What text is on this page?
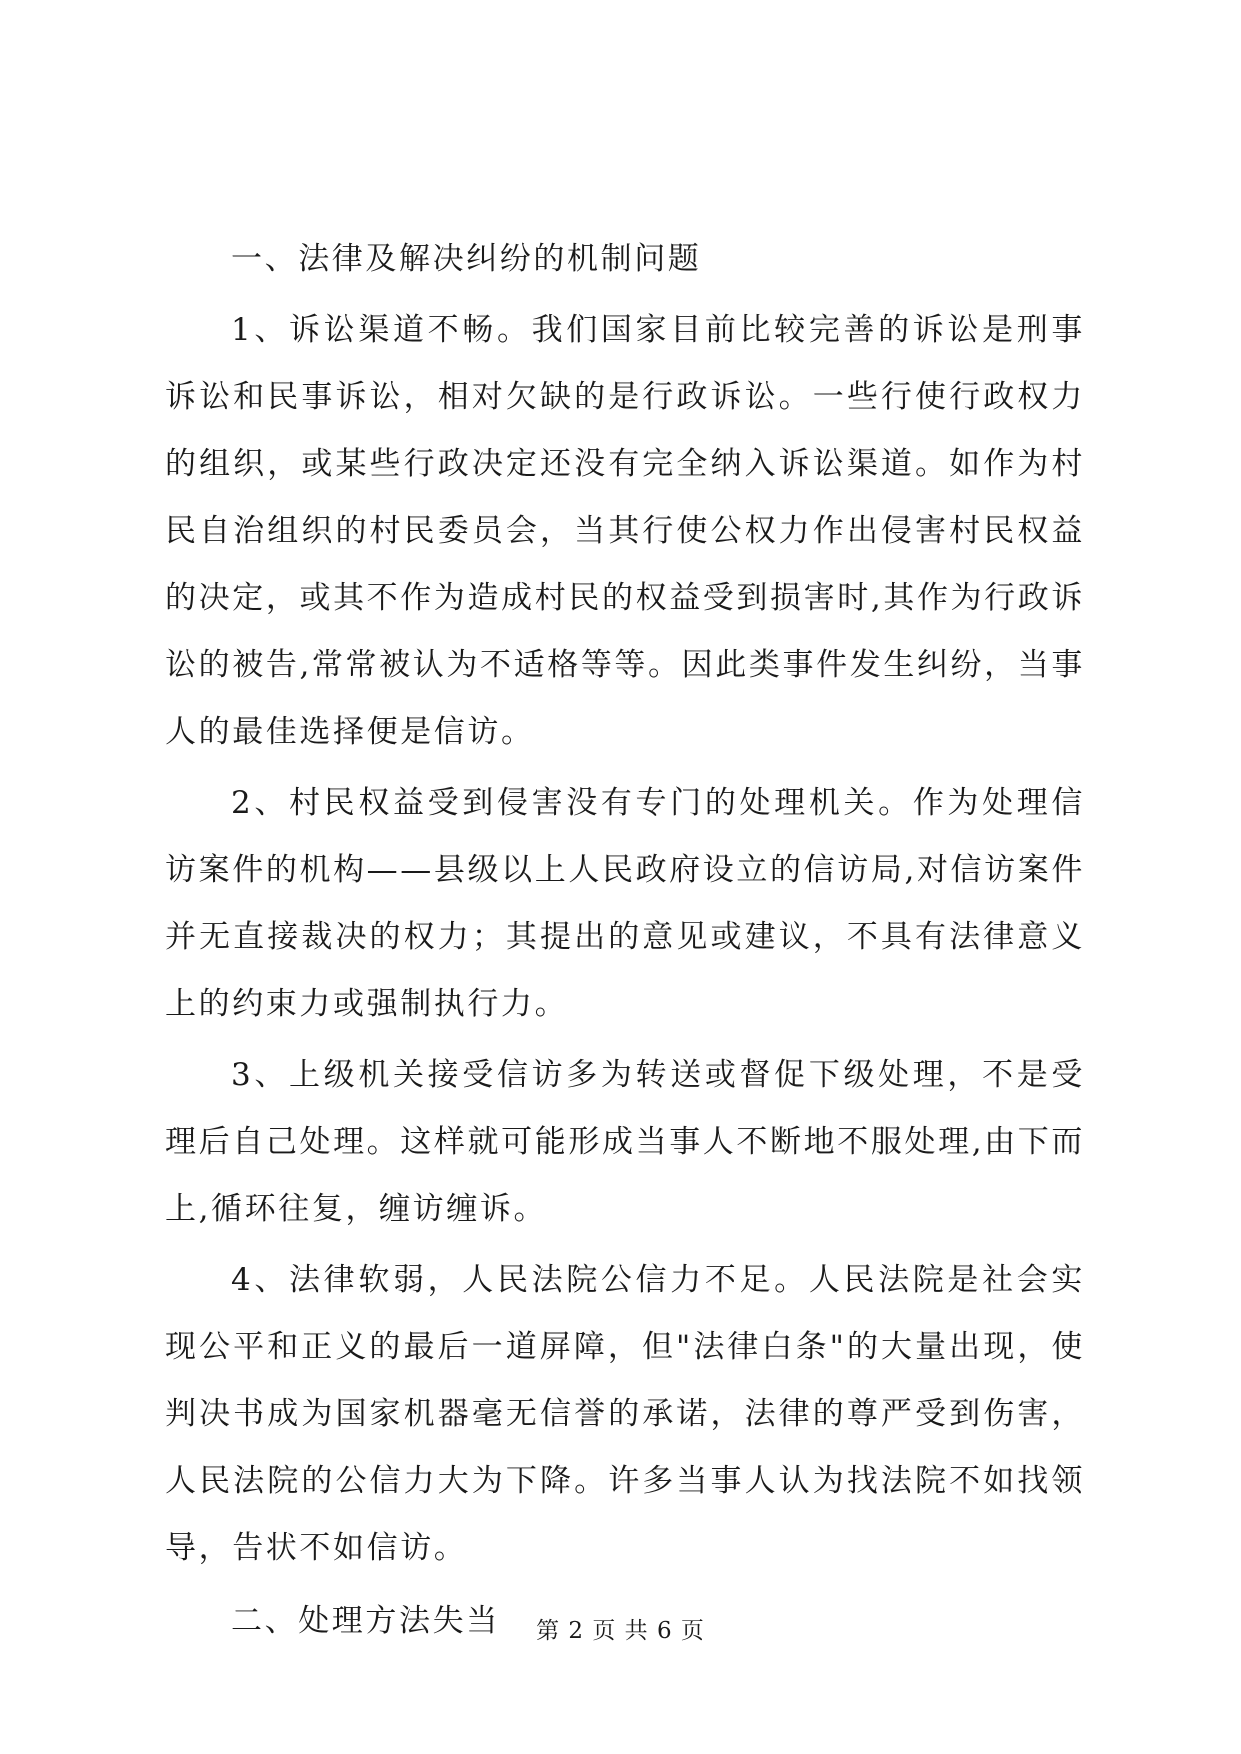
一、法律及解决纠纷的机制问题

1、诉讼渠道不畅。我们国家目前比较完善的诉讼是刑事诉讼和民事诉讼，相对欠缺的是行政诉讼。一些行使行政权力的组织，或某些行政决定还没有完全纳入诉讼渠道。如作为村民自治组织的村民委员会，当其行使公权力作出侵害村民权益的决定，或其不作为造成村民的权益受到损害时,其作为行政诉讼的被告,常常被认为不适格等等。因此类事件发生纠纷，当事人的最佳选择便是信访。

2、村民权益受到侵害没有专门的处理机关。作为处理信访案件的机构——县级以上人民政府设立的信访局,对信访案件并无直接裁决的权力；其提出的意见或建议，不具有法律意义上的约束力或强制执行力。

3、上级机关接受信访多为转送或督促下级处理，不是受理后自己处理。这样就可能形成当事人不断地不服处理,由下而上,循环往复，缠访缠诉。

4、法律软弱，人民法院公信力不足。人民法院是社会实现公平和正义的最后一道屏障，但"法律白条"的大量出现，使判决书成为国家机器毫无信誉的承诺，法律的尊严受到伤害，人民法院的公信力大为下降。许多当事人认为找法院不如找领导，告状不如信访。

二、处理方法失当	第 2 页 共 6 页
